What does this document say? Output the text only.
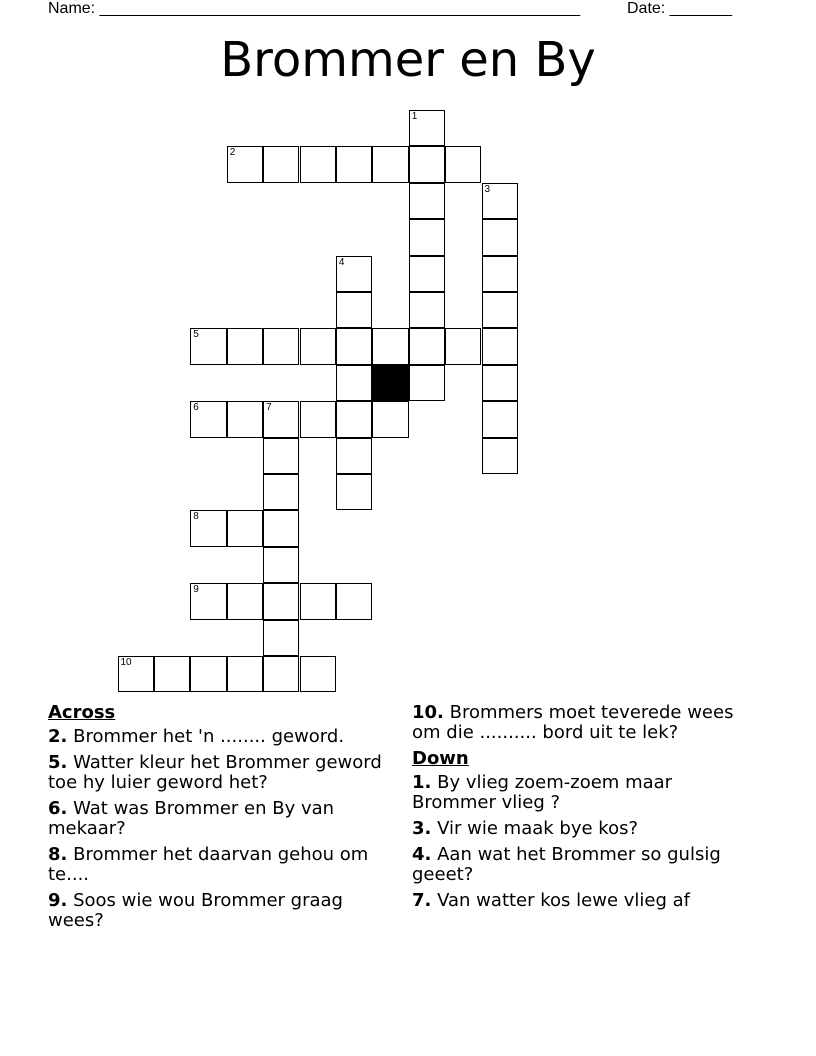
Name: ______________________________________________________	Date: _______
Brommer en By
1
2
3
4
5
6	7
8
9
10
Across
2. Brommer het 'n ........ geword.
5. Watter kleur het Brommer geword toe hy luier geword het?
6. Wat was Brommer en By van mekaar?
8. Brommer het daarvan gehou om te....
9. Soos wie wou Brommer graag wees?
10. Brommers moet teverede wees om die .......... bord uit te lek?
Down
1. By vlieg zoem-zoem maar Brommer vlieg ?
3. Vir wie maak bye kos?
4. Aan wat het Brommer so gulsig geeet?
7. Van watter kos lewe vlieg af
